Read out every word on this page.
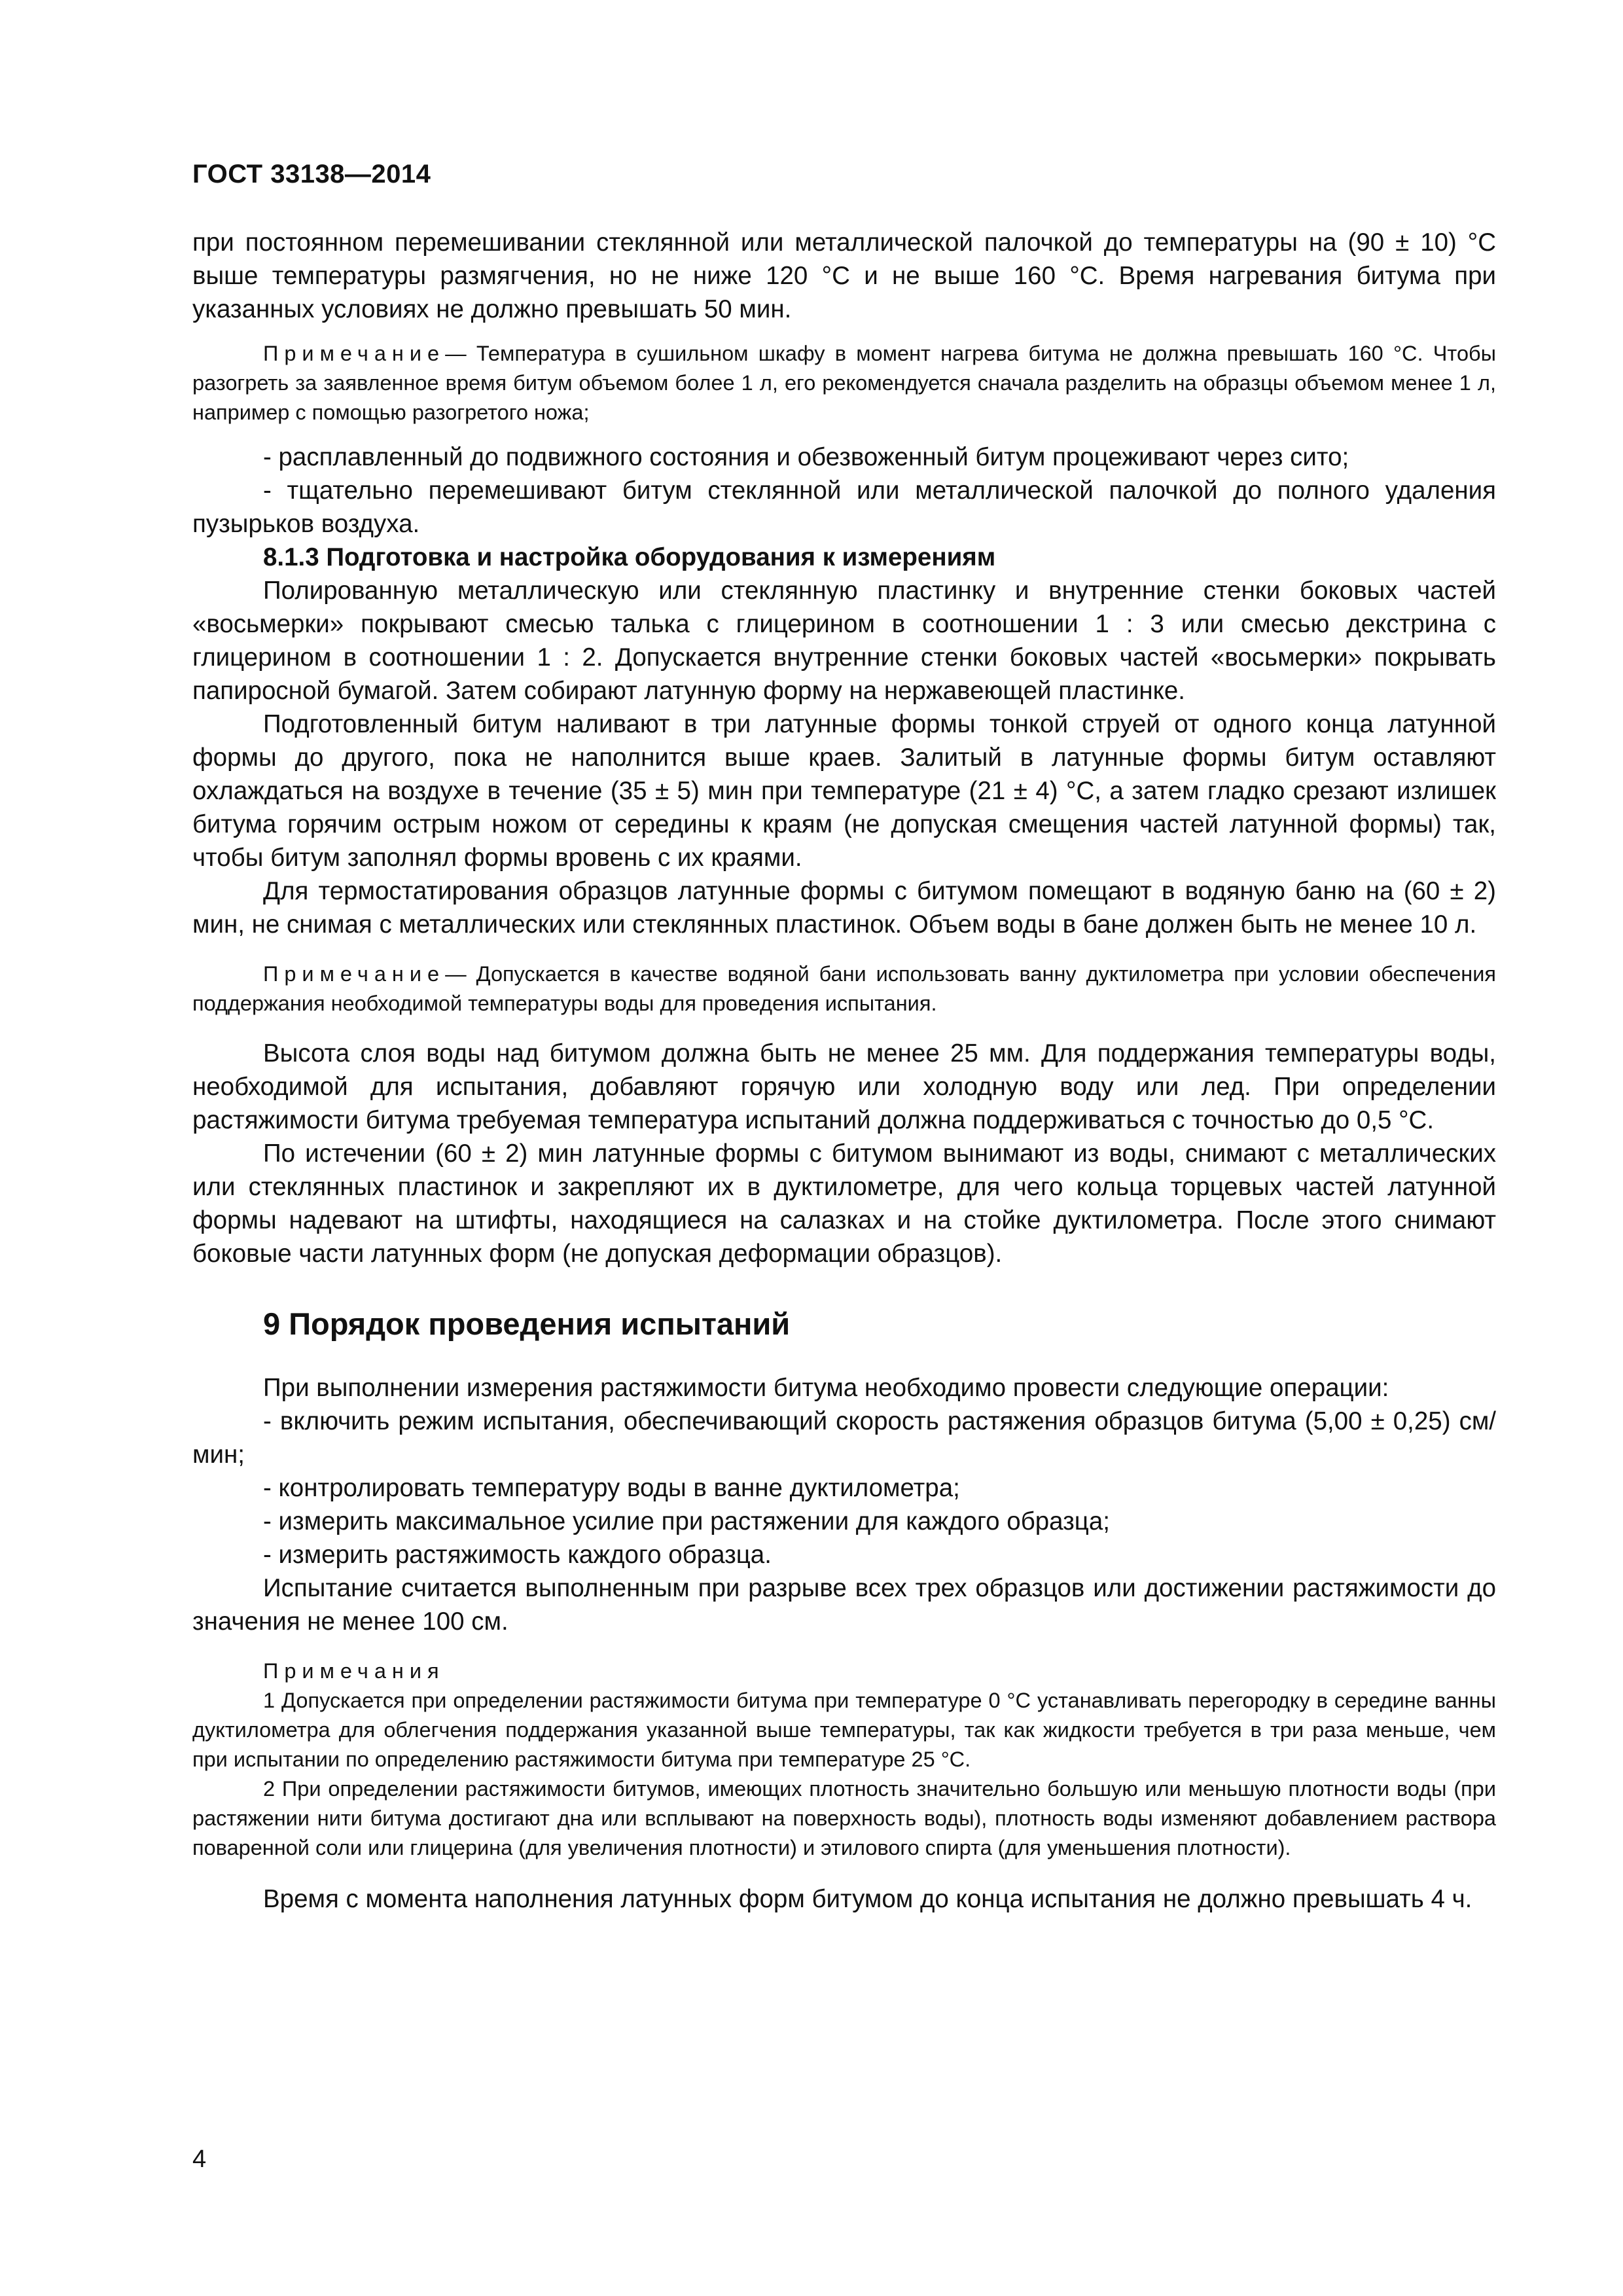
ГОСТ 33138—2014

при постоянном перемешивании стеклянной или металлической палочкой до температуры на (90 ± 10) °С выше температуры размягчения, но не ниже 120 °С и не выше 160 °С. Время нагревания битума при указанных условиях не должно превышать 50 мин.

Примечание— Температура в сушильном шкафу в момент нагрева битума не должна превышать 160 °С. Чтобы разогреть за заявленное время битум объемом более 1 л, его рекомендуется сначала разделить на образцы объемом менее 1 л, например с помощью разогретого ножа;

- расплавленный до подвижного состояния и обезвоженный битум процеживают через сито;

- тщательно перемешивают битум стеклянной или металлической палочкой до полного удаления пузырьков воздуха.

8.1.3 Подготовка и настройка оборудования к измерениям

Полированную металлическую или стеклянную пластинку и внутренние стенки боковых частей «восьмерки» покрывают смесью талька с глицерином в соотношении 1 : 3 или смесью декстрина с глицерином в соотношении 1 : 2. Допускается внутренние стенки боковых частей «восьмерки» покрывать папиросной бумагой. Затем собирают латунную форму на нержавеющей пластинке.

Подготовленный битум наливают в три латунные формы тонкой струей от одного конца латунной формы до другого, пока не наполнится выше краев. Залитый в латунные формы битум оставляют охлаждаться на воздухе в течение (35 ± 5) мин при температуре (21 ± 4) °С, а затем гладко срезают излишек битума горячим острым ножом от середины к краям (не допуская смещения частей латунной формы) так, чтобы битум заполнял формы вровень с их краями.

Для термостатирования образцов латунные формы с битумом помещают в водяную баню на (60 ± 2) мин, не снимая с металлических или стеклянных пластинок. Объем воды в бане должен быть не менее 10 л.

Примечание— Допускается в качестве водяной бани использовать ванну дуктилометра при условии обеспечения поддержания необходимой температуры воды для проведения испытания.

Высота слоя воды над битумом должна быть не менее 25 мм. Для поддержания температуры воды, необходимой для испытания, добавляют горячую или холодную воду или лед. При определении растяжимости битума требуемая температура испытаний должна поддерживаться с точностью до 0,5 °С.

По истечении (60 ± 2) мин латунные формы с битумом вынимают из воды, снимают с металлических или стеклянных пластинок и закрепляют их в дуктилометре, для чего кольца торцевых частей латунной формы надевают на штифты, находящиеся на салазках и на стойке дуктилометра. После этого снимают боковые части латунных форм (не допуская деформации образцов).

9 Порядок проведения испытаний

При выполнении измерения растяжимости битума необходимо провести следующие операции:

- включить режим испытания, обеспечивающий скорость растяжения образцов битума (5,00 ± 0,25) см/мин;

- контролировать температуру воды в ванне дуктилометра;

- измерить максимальное усилие при растяжении для каждого образца;

- измерить растяжимость каждого образца.

Испытание считается выполненным при разрыве всех трех образцов или достижении растяжимости до значения не менее 100 см.

Примечания

1 Допускается при определении растяжимости битума при температуре 0 °С устанавливать перегородку в середине ванны дуктилометра для облегчения поддержания указанной выше температуры, так как жидкости требуется в три раза меньше, чем при испытании по определению растяжимости битума при температуре 25 °С.

2 При определении растяжимости битумов, имеющих плотность значительно большую или меньшую плотности воды (при растяжении нити битума достигают дна или всплывают на поверхность воды), плотность воды изменяют добавлением раствора поваренной соли или глицерина (для увеличения плотности) и этилового спирта (для уменьшения плотности).

Время с момента наполнения латунных форм битумом до конца испытания не должно превышать 4 ч.

4
